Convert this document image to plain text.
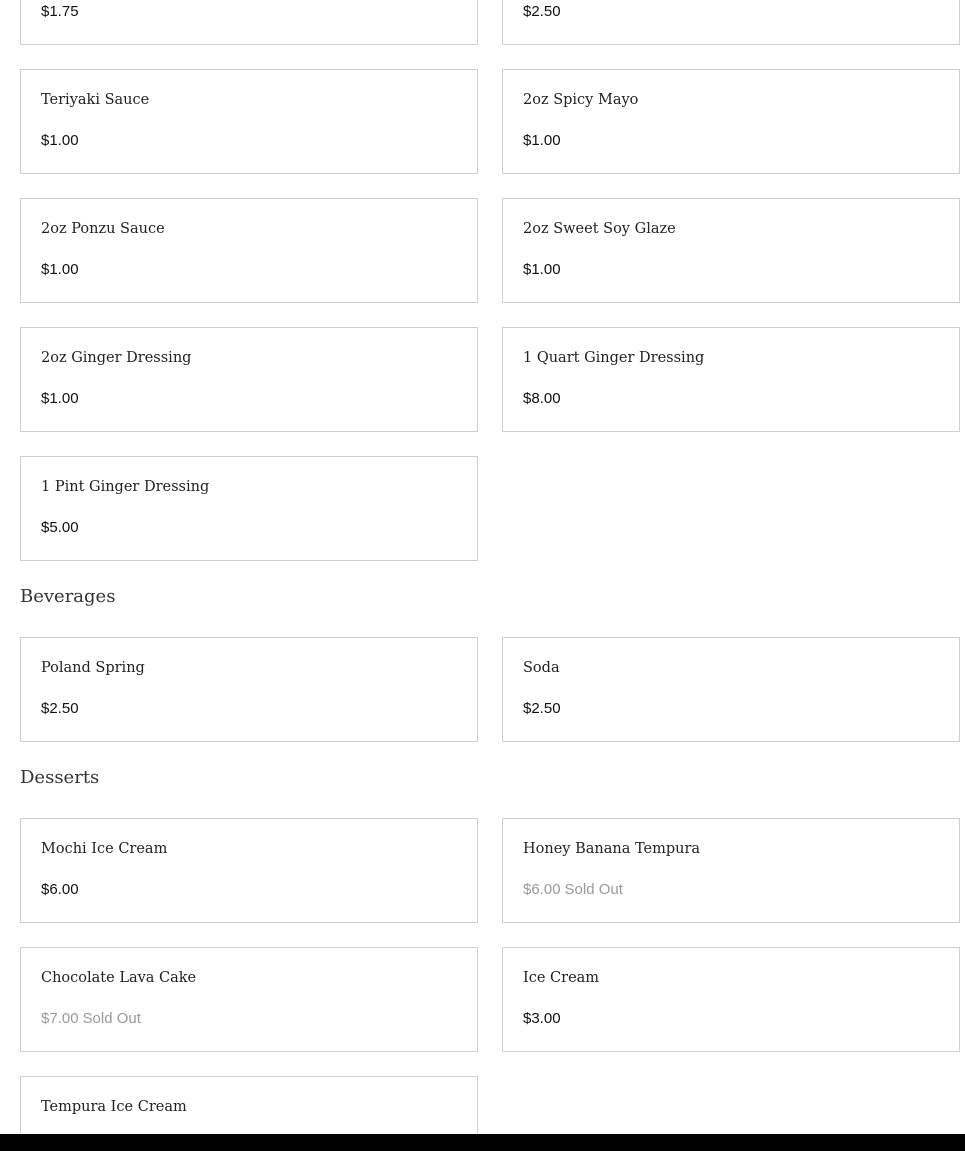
$1.75	$2.50
Teriyaki Sauce
$1.00
2oz Spicy Mayo
$1.00
2oz Ponzu Sauce
$1.00
2oz Sweet Soy Glaze
$1.00
2oz Ginger Dressing
$1.00
1 Quart Ginger Dressing
$8.00
1 Pint Ginger Dressing
$5.00
Beverages
Poland Spring
$2.50
Soda
$2.50
Desserts
Mochi Ice Cream
$6.00
Honey Banana Tempura
$6.00 Sold Out
Chocolate Lava Cake
$7.00 Sold Out
Ice Cream
$3.00
Tempura Ice Cream
